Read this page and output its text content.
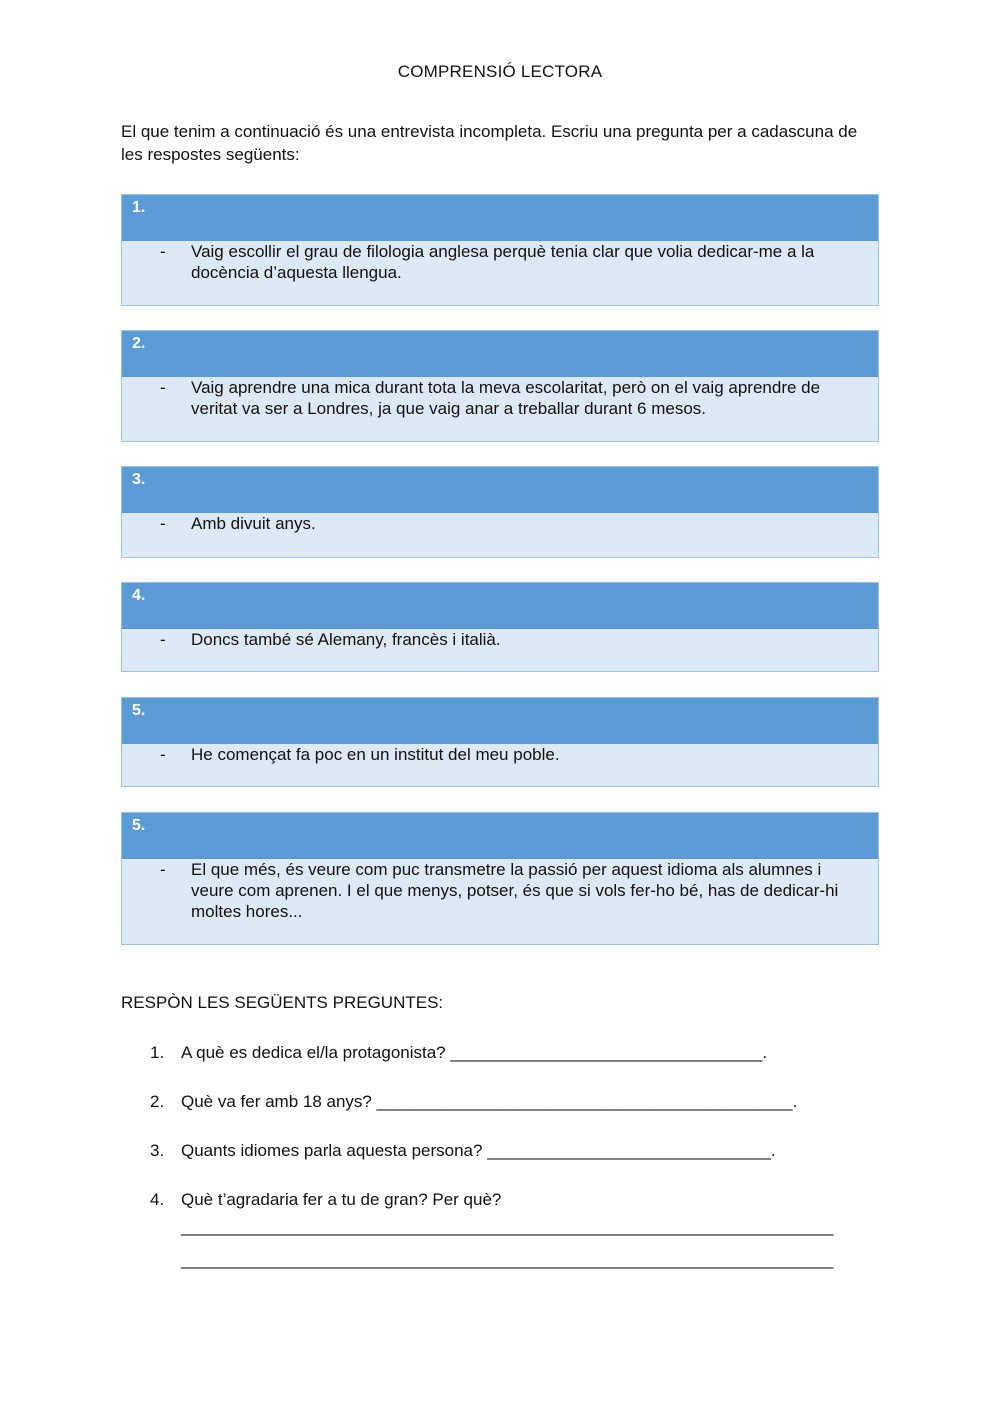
COMPRENSIÓ LECTORA
El que tenim a continuació és una entrevista incompleta. Escriu una pregunta per a cadascuna de les respostes següents:
1.
- Vaig escollir el grau de filologia anglesa perquè tenia clar que volia dedicar-me a la docència d’aquesta llengua.
2.
- Vaig aprendre una mica durant tota la meva escolaritat, però on el vaig aprendre de veritat va ser a Londres, ja que vaig anar a treballar durant 6 mesos.
3.
- Amb divuit anys.
4.
- Doncs també sé Alemany, francès i italià.
5.
- He començat fa poc en un institut del meu poble.
5.
- El que més, és veure com puc transmetre la passió per aquest idioma als alumnes i veure com aprenen. I el que menys, potser, és que si vols fer-ho bé, has de dedicar-hi moltes hores...
RESPÒN LES SEGÜENTS PREGUNTES:
1. A què es dedica el/la protagonista? _________________________________.
2. Què va fer amb 18 anys? ____________________________________________.
3. Quants idiomes parla aquesta persona? ______________________________.
4. Què t’agradaria fer a tu de gran? Per què?
_____________________________________________________________________
_____________________________________________________________________
